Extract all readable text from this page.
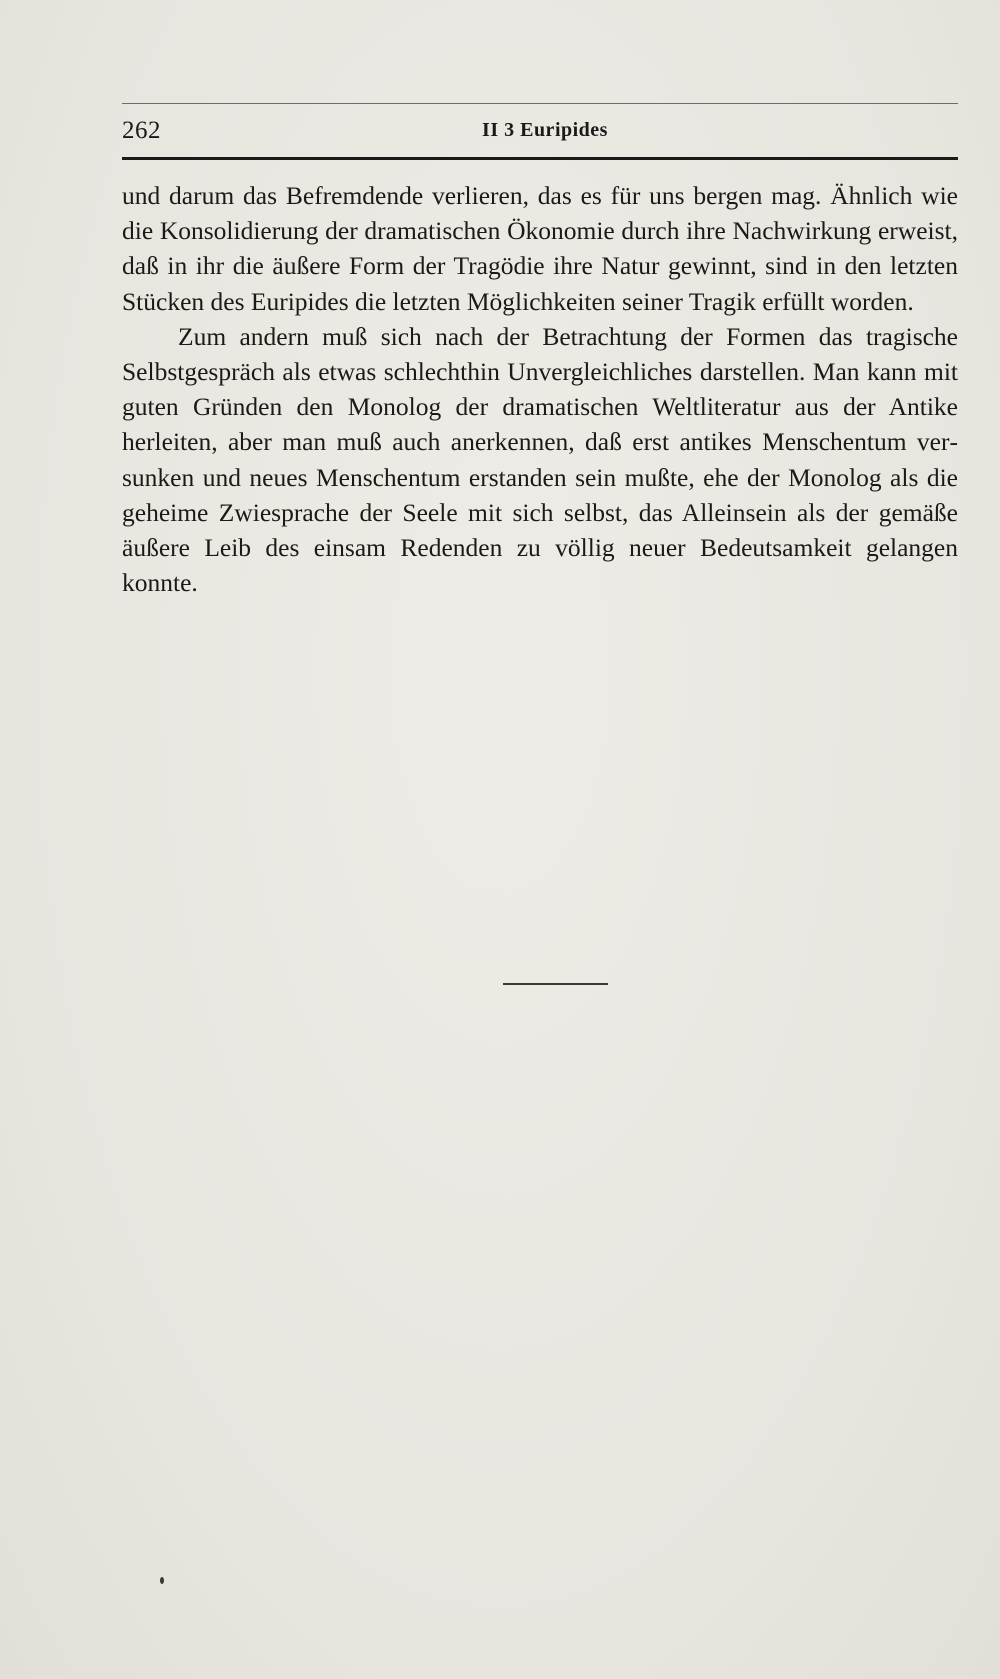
262	II 3 Euripides

und darum das Befremdende verlieren, das es für uns bergen mag. Ähnlich wie die Konsolidierung der dramatischen Ökonomie durch ihre Nachwirkung erweist, daß in ihr die äußere Form der Tragödie ihre Natur gewinnt, sind in den letzten Stücken des Euripides die letzten Möglichkeiten seiner Tragik erfüllt worden.

Zum andern muß sich nach der Betrachtung der Formen das tragische Selbstgespräch als etwas schlechthin Unvergleichliches darstellen. Man kann mit guten Gründen den Monolog der dramatischen Weltliteratur aus der Antike herleiten, aber man muß auch anerkennen, daß erst antikes Menschentum versunken und neues Menschentum erstanden sein mußte, ehe der Monolog als die geheime Zwiesprache der Seele mit sich selbst, das Alleinsein als der gemäße äußere Leib des einsam Redenden zu völlig neuer Bedeutsamkeit gelangen konnte.
